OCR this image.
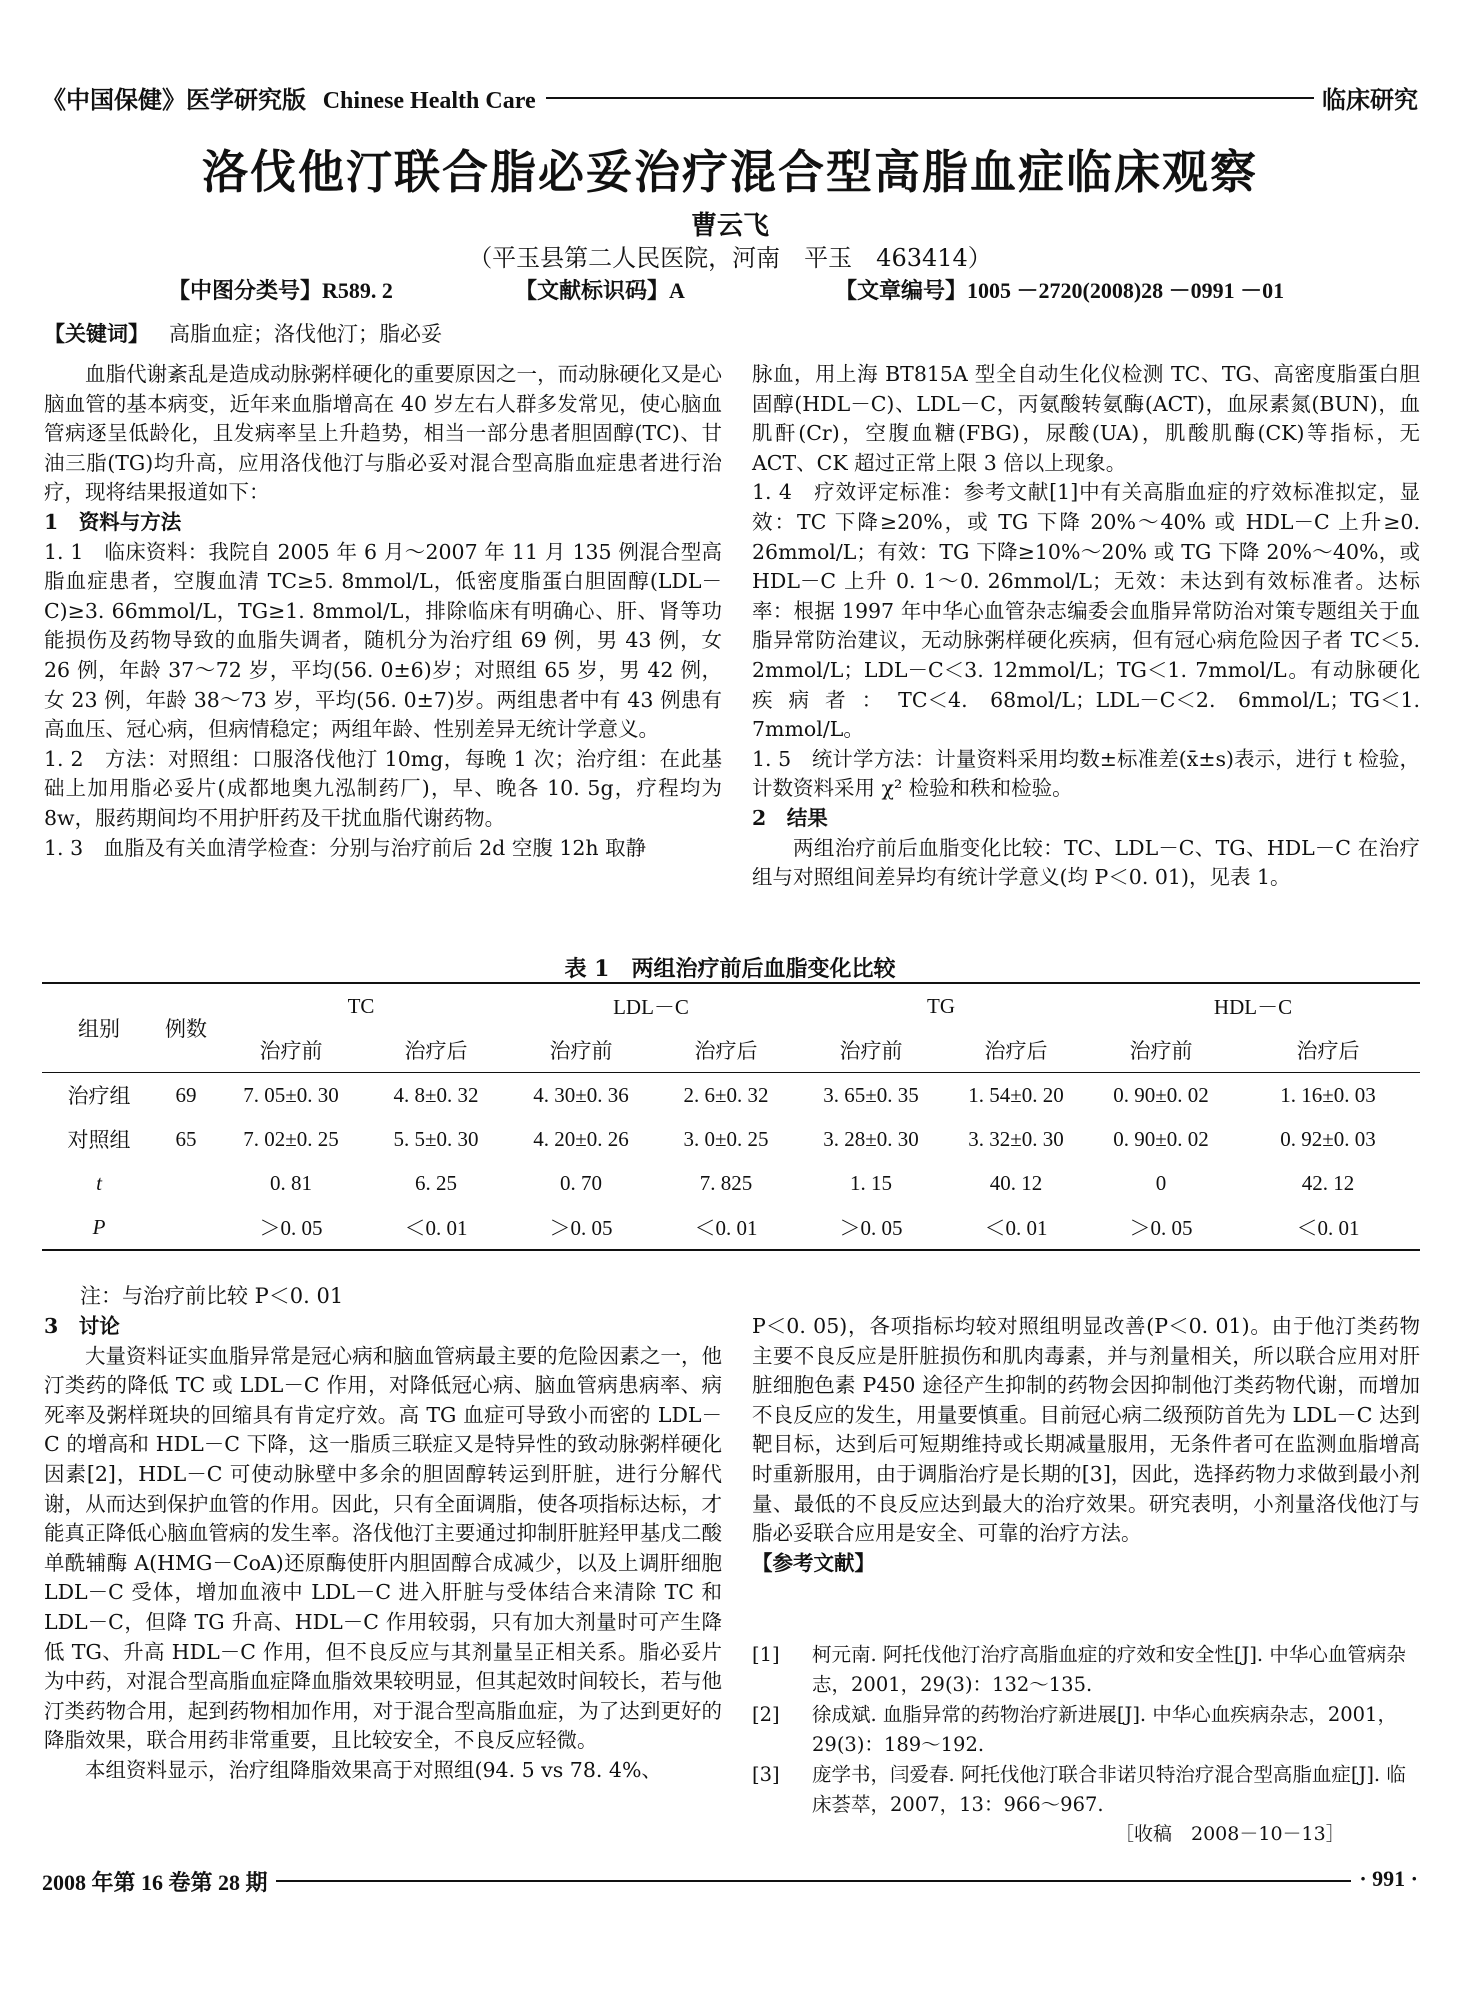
《中国保健》医学研究版 Chinese Health Care	临床研究
洛伐他汀联合脂必妥治疗混合型高脂血症临床观察
曹云飞
（平玉县第二人民医院，河南　平玉　463414）
【中图分类号】R589. 2	【文献标识码】A	【文章编号】1005 －2720(2008)28 －0991 －01
【关键词】 高脂血症；洛伐他汀；脂必妥

血脂代谢紊乱是造成动脉粥样硬化的重要原因之一，而动脉硬化又是心脑血管的基本病变，近年来血脂增高在 40 岁左右人群多发常见，使心脑血管病逐呈低龄化，且发病率呈上升趋势，相当一部分患者胆固醇(TC)、甘油三脂(TG)均升高，应用洛伐他汀与脂必妥对混合型高脂血症患者进行治疗，现将结果报道如下：

1　资料与方法

1. 1　临床资料：我院自 2005 年 6 月～2007 年 11 月 135 例混合型高脂血症患者，空腹血清 TC≥5. 8mmol/L，低密度脂蛋白胆固醇(LDL－C)≥3. 66mmol/L，TG≥1. 8mmol/L，排除临床有明确心、肝、肾等功能损伤及药物导致的血脂失调者，随机分为治疗组 69 例，男 43 例，女 26 例，年龄 37～72 岁，平均(56. 0±6)岁；对照组 65 岁，男 42 例，女 23 例，年龄 38～73 岁，平均(56. 0±7)岁。两组患者中有 43 例患有高血压、冠心病，但病情稳定；两组年龄、性别差异无统计学意义。

1. 2　方法：对照组：口服洛伐他汀 10mg，每晚 1 次；治疗组：在此基础上加用脂必妥片(成都地奥九泓制药厂)，早、晚各 10. 5g，疗程均为 8w，服药期间均不用护肝药及干扰血脂代谢药物。

1. 3　血脂及有关血清学检查：分别与治疗前后 2d 空腹 12h 取静

脉血，用上海 BT815A 型全自动生化仪检测 TC、TG、高密度脂蛋白胆固醇(HDL－C)、LDL－C，丙氨酸转氨酶(ACT)，血尿素氮(BUN)，血肌酐(Cr)，空腹血糖(FBG)，尿酸(UA)，肌酸肌酶(CK)等指标，无 ACT、CK 超过正常上限 3 倍以上现象。

1. 4　疗效评定标准：参考文献[1]中有关高脂血症的疗效标准拟定，显效：TC 下降≥20%，或 TG 下降 20%～40% 或 HDL－C 上升≥0. 26mmol/L；有效：TG 下降≥10%～20% 或 TG 下降 20%～40%，或 HDL－C 上升 0. 1～0. 26mmol/L；无效：未达到有效标准者。达标率：根据 1997 年中华心血管杂志编委会血脂异常防治对策专题组关于血脂异常防治建议，无动脉粥样硬化疾病，但有冠心病危险因子者 TC＜5. 2mmol/L；LDL－C＜3. 12mmol/L；TG＜1. 7mmol/L。有动脉硬化疾病者：TC＜4. 68mol/L；LDL－C＜2. 6mmol/L；TG＜1. 7mmol/L。

1. 5　统计学方法：计量资料采用均数±标准差(x̄±s)表示，进行 t 检验，计数资料采用 χ² 检验和秩和检验。

2　结果

两组治疗前后血脂变化比较：TC、LDL－C、TG、HDL－C 在治疗组与对照组间差异均有统计学意义(均 P＜0. 01)，见表 1。

表 1　两组治疗前后血脂变化比较
组别	例数	TC		LDL－C		TG		HDL－C	
		治疗前	治疗后	治疗前	治疗后	治疗前	治疗后	治疗前	治疗后
治疗组	69	7. 05±0. 30	4. 8±0. 32	4. 30±0. 36	2. 6±0. 32	3. 65±0. 35	1. 54±0. 20	0. 90±0. 02	1. 16±0. 03
对照组	65	7. 02±0. 25	5. 5±0. 30	4. 20±0. 26	3. 0±0. 25	3. 28±0. 30	3. 32±0. 30	0. 90±0. 02	0. 92±0. 03
t		0. 81	6. 25	0. 70	7. 825	1. 15	40. 12	0	42. 12
P		＞0. 05	＜0. 01	＞0. 05	＜0. 01	＞0. 05	＜0. 01	＞0. 05	＜0. 01
注：与治疗前比较 P＜0. 01

3　讨论

大量资料证实血脂异常是冠心病和脑血管病最主要的危险因素之一，他汀类药的降低 TC 或 LDL－C 作用，对降低冠心病、脑血管病患病率、病死率及粥样斑块的回缩具有肯定疗效。高 TG 血症可导致小而密的 LDL－C 的增高和 HDL－C 下降，这一脂质三联症又是特异性的致动脉粥样硬化因素[2]，HDL－C 可使动脉壁中多余的胆固醇转运到肝脏，进行分解代谢，从而达到保护血管的作用。因此，只有全面调脂，使各项指标达标，才能真正降低心脑血管病的发生率。洛伐他汀主要通过抑制肝脏羟甲基戊二酸单酰辅酶 A(HMG－CoA)还原酶使肝内胆固醇合成减少，以及上调肝细胞 LDL－C 受体，增加血液中 LDL－C 进入肝脏与受体结合来清除 TC 和 LDL－C，但降 TG 升高、HDL－C 作用较弱，只有加大剂量时可产生降低 TG、升高 HDL－C 作用，但不良反应与其剂量呈正相关系。脂必妥片为中药，对混合型高脂血症降血脂效果较明显，但其起效时间较长，若与他汀类药物合用，起到药物相加作用，对于混合型高脂血症，为了达到更好的降脂效果，联合用药非常重要，且比较安全，不良反应轻微。

本组资料显示，治疗组降脂效果高于对照组(94. 5 vs 78. 4%、

P＜0. 05)，各项指标均较对照组明显改善(P＜0. 01)。由于他汀类药物主要不良反应是肝脏损伤和肌肉毒素，并与剂量相关，所以联合应用对肝脏细胞色素 P450 途径产生抑制的药物会因抑制他汀类药物代谢，而增加不良反应的发生，用量要慎重。目前冠心病二级预防首先为 LDL－C 达到靶目标，达到后可短期维持或长期减量服用，无条件者可在监测血脂增高时重新服用，由于调脂治疗是长期的[3]，因此，选择药物力求做到最小剂量、最低的不良反应达到最大的治疗效果。研究表明，小剂量洛伐他汀与脂必妥联合应用是安全、可靠的治疗方法。

【参考文献】

[1] 柯元南. 阿托伐他汀治疗高脂血症的疗效和安全性[J]. 中华心血管病杂志，2001，29(3)：132～135.
[2] 徐成斌. 血脂异常的药物治疗新进展[J]. 中华心血疾病杂志，2001，29(3)：189～192.
[3] 庞学书，闫爱春. 阿托伐他汀联合非诺贝特治疗混合型高脂血症[J]. 临床荟萃，2007，13：966～967.
［收稿　2008－10－13］
2008 年第 16 卷第 28 期	· 991 ·
